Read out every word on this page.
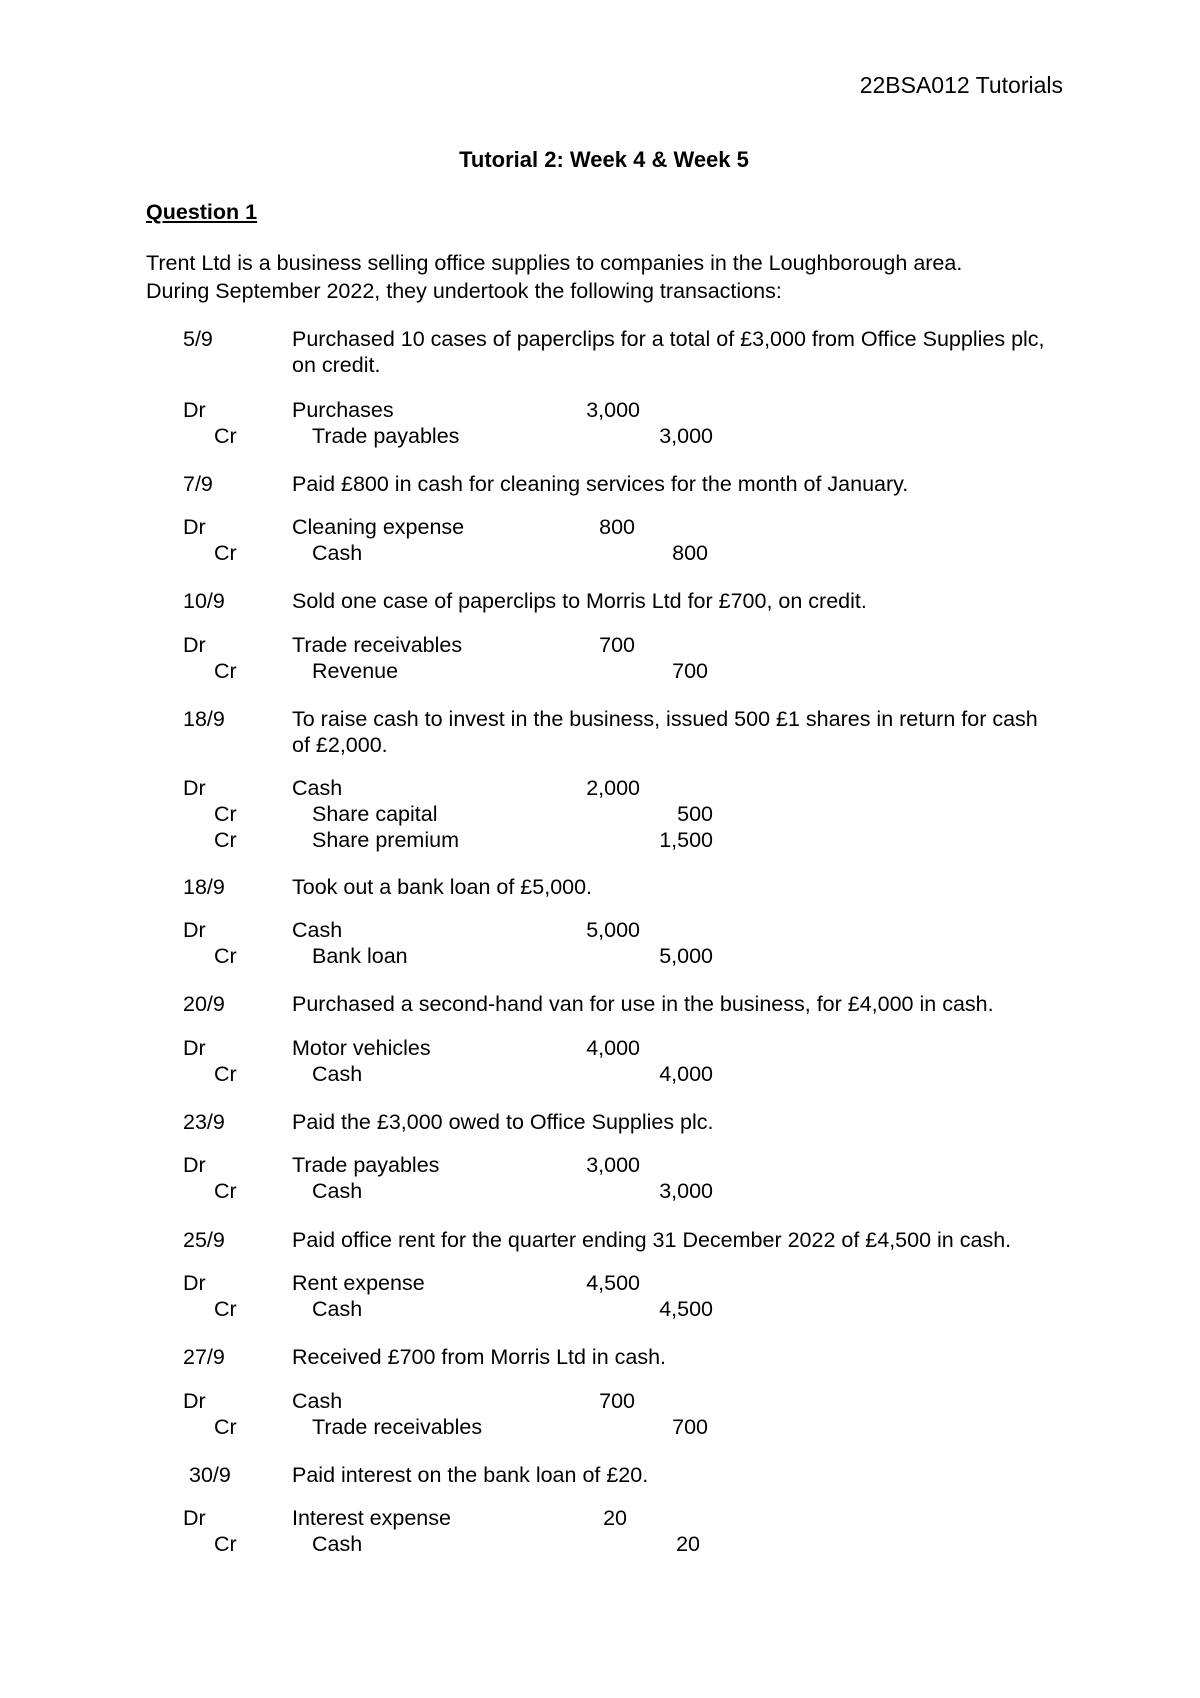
22BSA012 Tutorials
Tutorial 2: Week 4 & Week 5
Question 1

Trent Ltd is a business selling office supplies to companies in the Loughborough area.

During September 2022, they undertook the following transactions:

5/9	Purchased 10 cases of paperclips for a total of £3,000 from Office Supplies plc, on credit.
Dr	Purchases	3,000
Cr	Trade payables	3,000
7/9	Paid £800 in cash for cleaning services for the month of January.
Dr	Cleaning expense	800
Cr	Cash	800
10/9	Sold one case of paperclips to Morris Ltd for £700, on credit.
Dr	Trade receivables	700
Cr	Revenue	700
18/9	To raise cash to invest in the business, issued 500 £1 shares in return for cash of £2,000.
Dr	Cash	2,000
Cr	Share capital	500
Cr	Share premium	1,500
18/9	Took out a bank loan of £5,000.
Dr	Cash	5,000
Cr	Bank loan	5,000
20/9	Purchased a second-hand van for use in the business, for £4,000 in cash.
Dr	Motor vehicles	4,000
Cr	Cash	4,000
23/9	Paid the £3,000 owed to Office Supplies plc.
Dr	Trade payables	3,000
Cr	Cash	3,000
25/9	Paid office rent for the quarter ending 31 December 2022 of £4,500 in cash.
Dr	Rent expense	4,500
Cr	Cash	4,500
27/9	Received £700 from Morris Ltd in cash.
Dr	Cash	700
Cr	Trade receivables	700
30/9	Paid interest on the bank loan of £20.
Dr	Interest expense	20
Cr	Cash	20
